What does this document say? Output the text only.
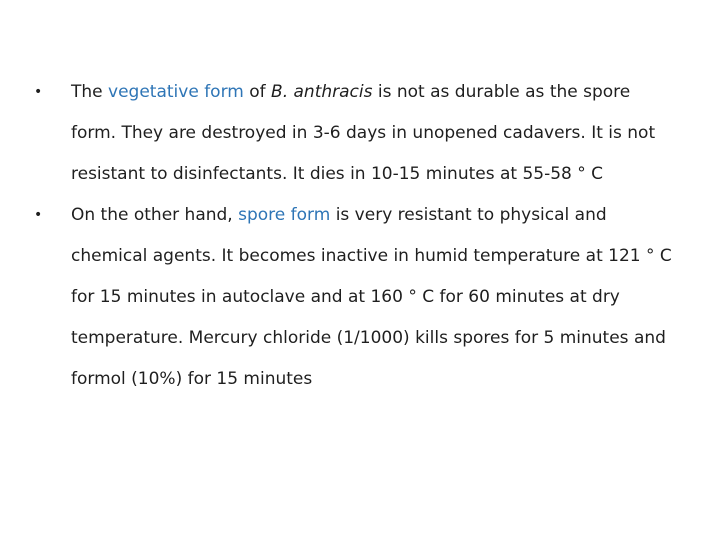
• The vegetative form of B. anthracis is not as durable as the spore form. They are destroyed in 3-6 days in unopened cadavers. It is not resistant to disinfectants. It dies in 10-15 minutes at 55-58 ° C
• On the other hand, spore form is very resistant to physical and chemical agents. It becomes inactive in humid temperature at 121 ° C for 15 minutes in autoclave and at 160 ° C for 60 minutes at dry temperature. Mercury chloride (1/1000) kills spores for 5 minutes and formol (10%) for 15 minutes
